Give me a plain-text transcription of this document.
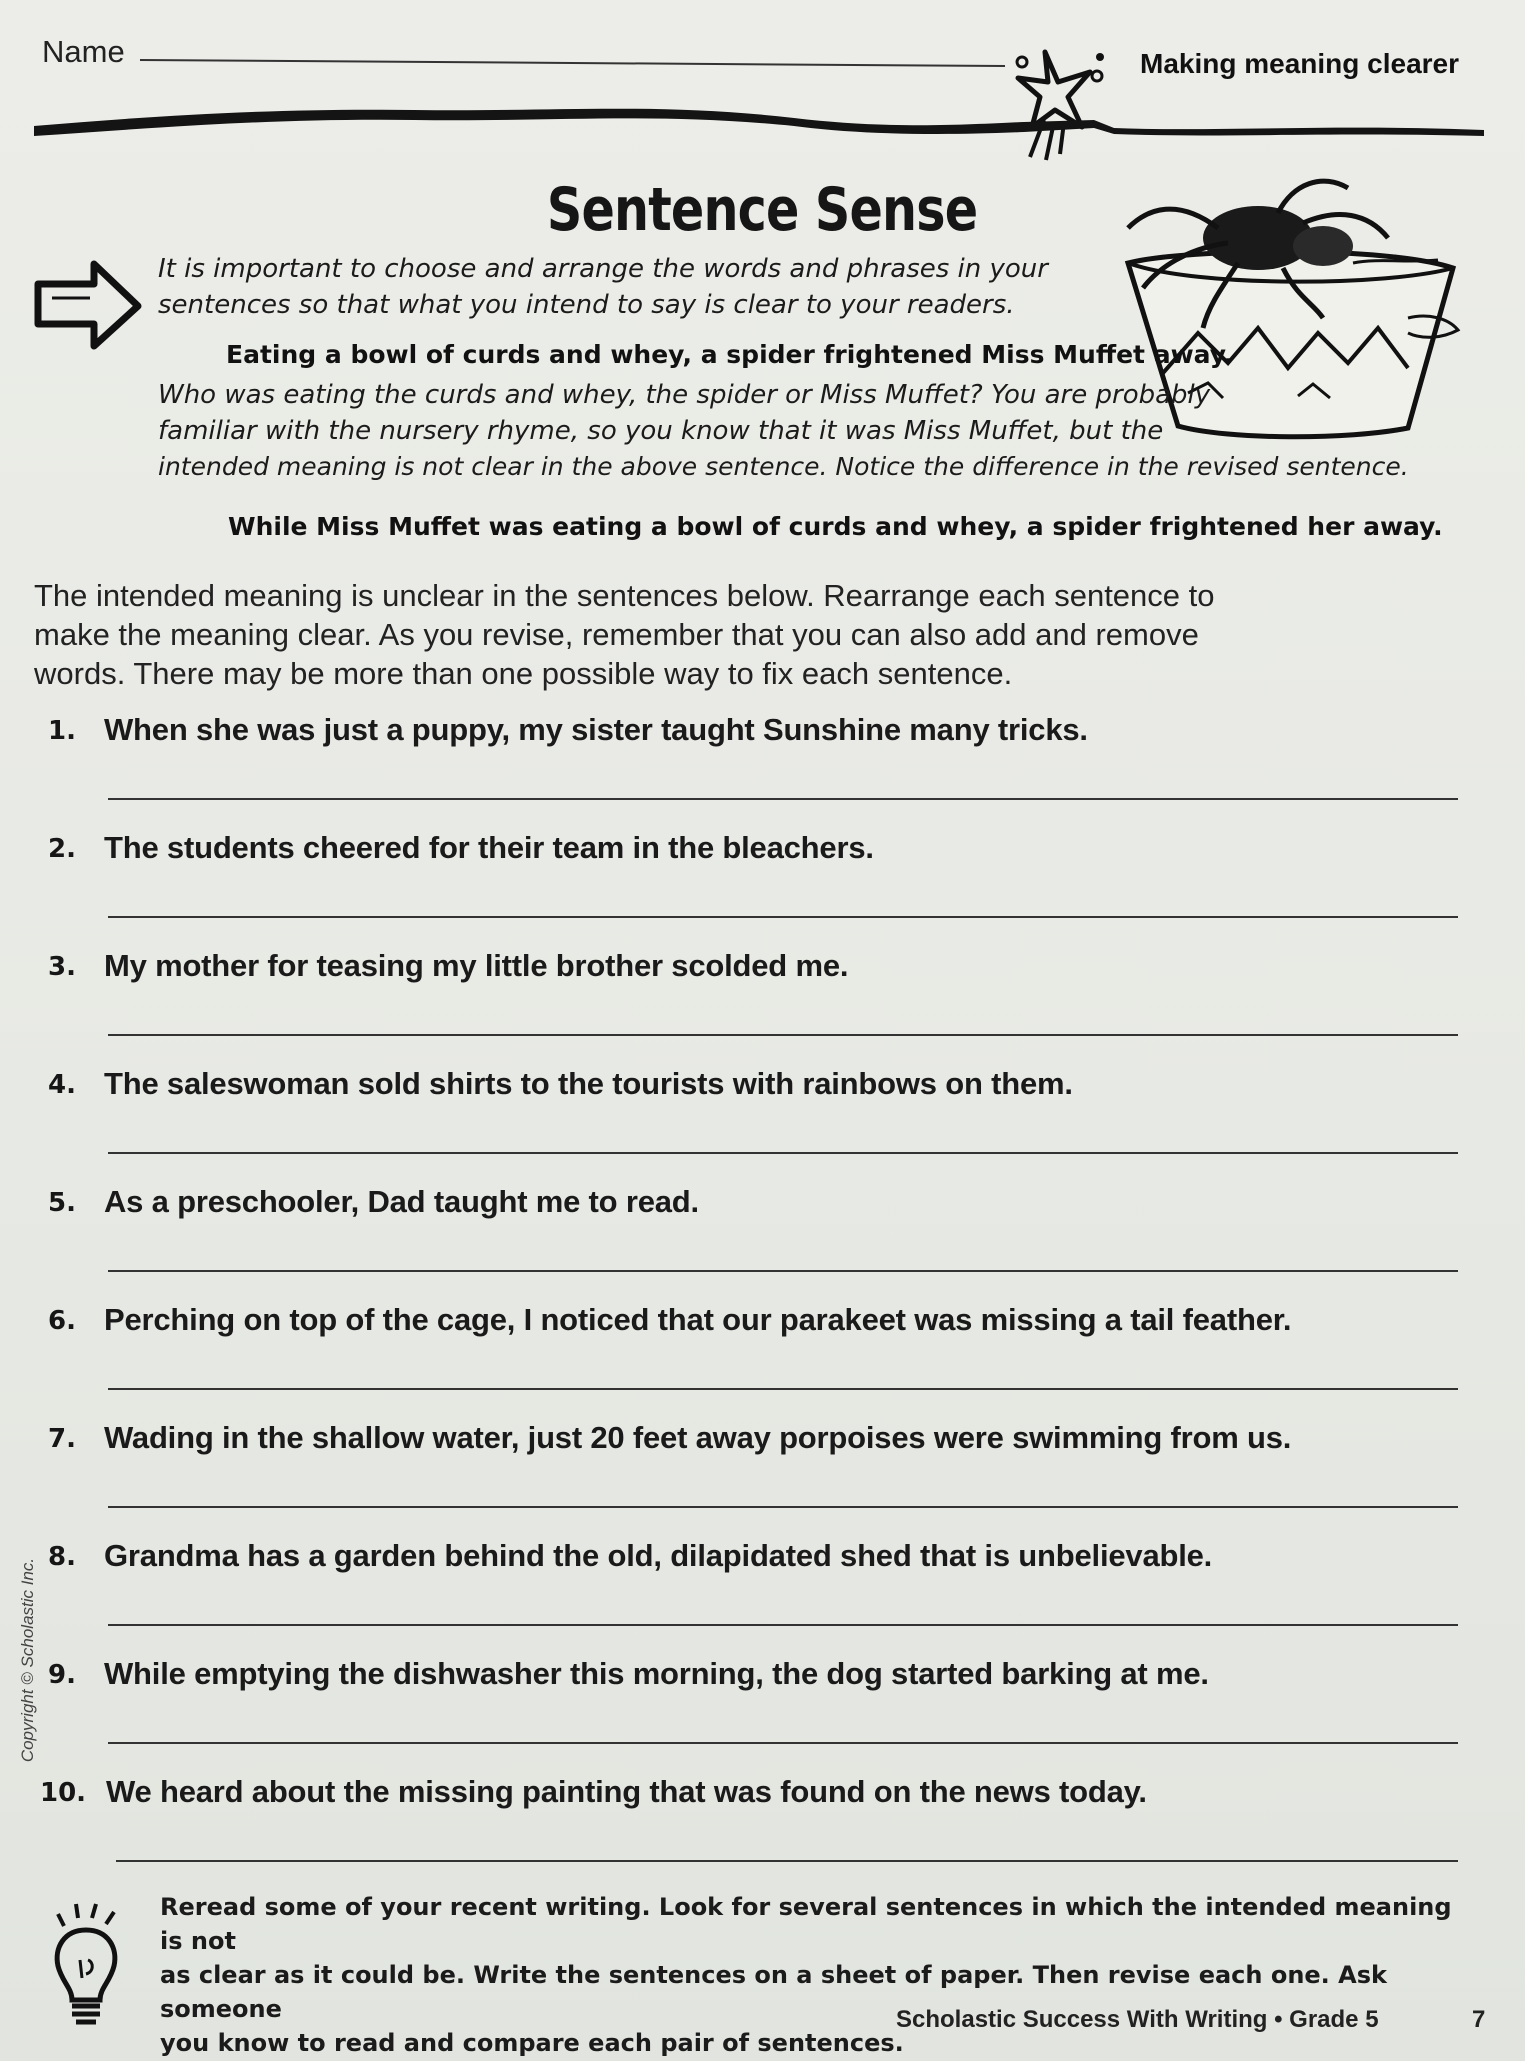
Name	Making meaning clearer
Sentence Sense
It is important to choose and arrange the words and phrases in your
sentences so that what you intend to say is clear to your readers.
Eating a bowl of curds and whey, a spider frightened Miss Muffet away.
Who was eating the curds and whey, the spider or Miss Muffet? You are probably
familiar with the nursery rhyme, so you know that it was Miss Muffet, but the
intended meaning is not clear in the above sentence. Notice the difference in the revised sentence.
While Miss Muffet was eating a bowl of curds and whey, a spider frightened her away.
The intended meaning is unclear in the sentences below. Rearrange each sentence to
make the meaning clear. As you revise, remember that you can also add and remove
words. There may be more than one possible way to fix each sentence.
1. When she was just a puppy, my sister taught Sunshine many tricks.
2. The students cheered for their team in the bleachers.
3. My mother for teasing my little brother scolded me.
4. The saleswoman sold shirts to the tourists with rainbows on them.
5. As a preschooler, Dad taught me to read.
6. Perching on top of the cage, I noticed that our parakeet was missing a tail feather.
7. Wading in the shallow water, just 20 feet away porpoises were swimming from us.
8. Grandma has a garden behind the old, dilapidated shed that is unbelievable.
9. While emptying the dishwasher this morning, the dog started barking at me.
10. We heard about the missing painting that was found on the news today.
Reread some of your recent writing. Look for several sentences in which the intended meaning is not
as clear as it could be. Write the sentences on a sheet of paper. Then revise each one. Ask someone
you know to read and compare each pair of sentences.
Scholastic Success With Writing • Grade 5	7
Copyright © Scholastic Inc.
